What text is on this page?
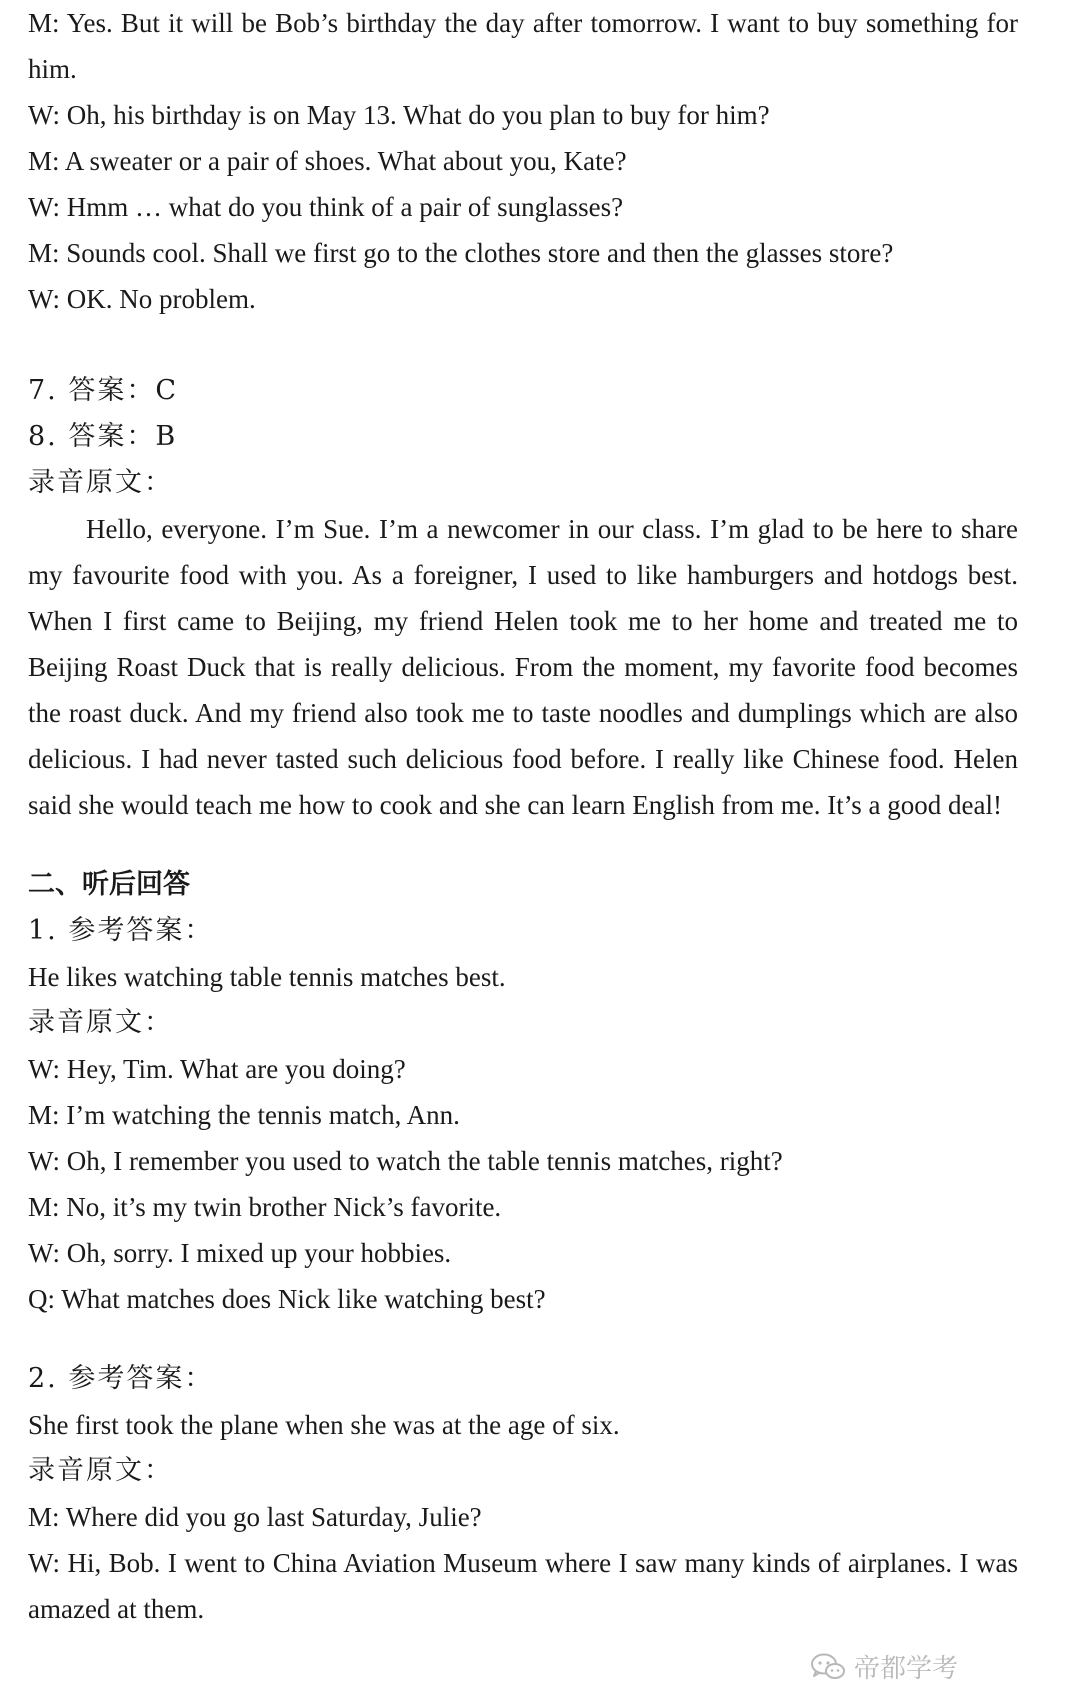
M: Yes. But it will be Bob’s birthday the day after tomorrow. I want to buy something for him.

W: Oh, his birthday is on May 13. What do you plan to buy for him?

M: A sweater or a pair of shoes. What about you, Kate?

W: Hmm … what do you think of a pair of sunglasses?

M: Sounds cool. Shall we first go to the clothes store and then the glasses store?

W: OK. No problem.

7. 答案：C

8. 答案：B

录音原文：

Hello, everyone. I’m Sue. I’m a newcomer in our class. I’m glad to be here to share my favourite food with you. As a foreigner, I used to like hamburgers and hotdogs best. When I first came to Beijing, my friend Helen took me to her home and treated me to Beijing Roast Duck that is really delicious. From the moment, my favorite food becomes the roast duck. And my friend also took me to taste noodles and dumplings which are also delicious. I had never tasted such delicious food before. I really like Chinese food. Helen said she would teach me how to cook and she can learn English from me. It’s a good deal!

二、听后回答

1. 参考答案：

He likes watching table tennis matches best.

录音原文：

W: Hey, Tim. What are you doing?

M: I’m watching the tennis match, Ann.

W: Oh, I remember you used to watch the table tennis matches, right?

M: No, it’s my twin brother Nick’s favorite.

W: Oh, sorry. I mixed up your hobbies.

Q: What matches does Nick like watching best?

2. 参考答案：

She first took the plane when she was at the age of six.

录音原文：

M: Where did you go last Saturday, Julie?

W: Hi, Bob. I went to China Aviation Museum where I saw many kinds of airplanes. I was amazed at them.

帝都学考
